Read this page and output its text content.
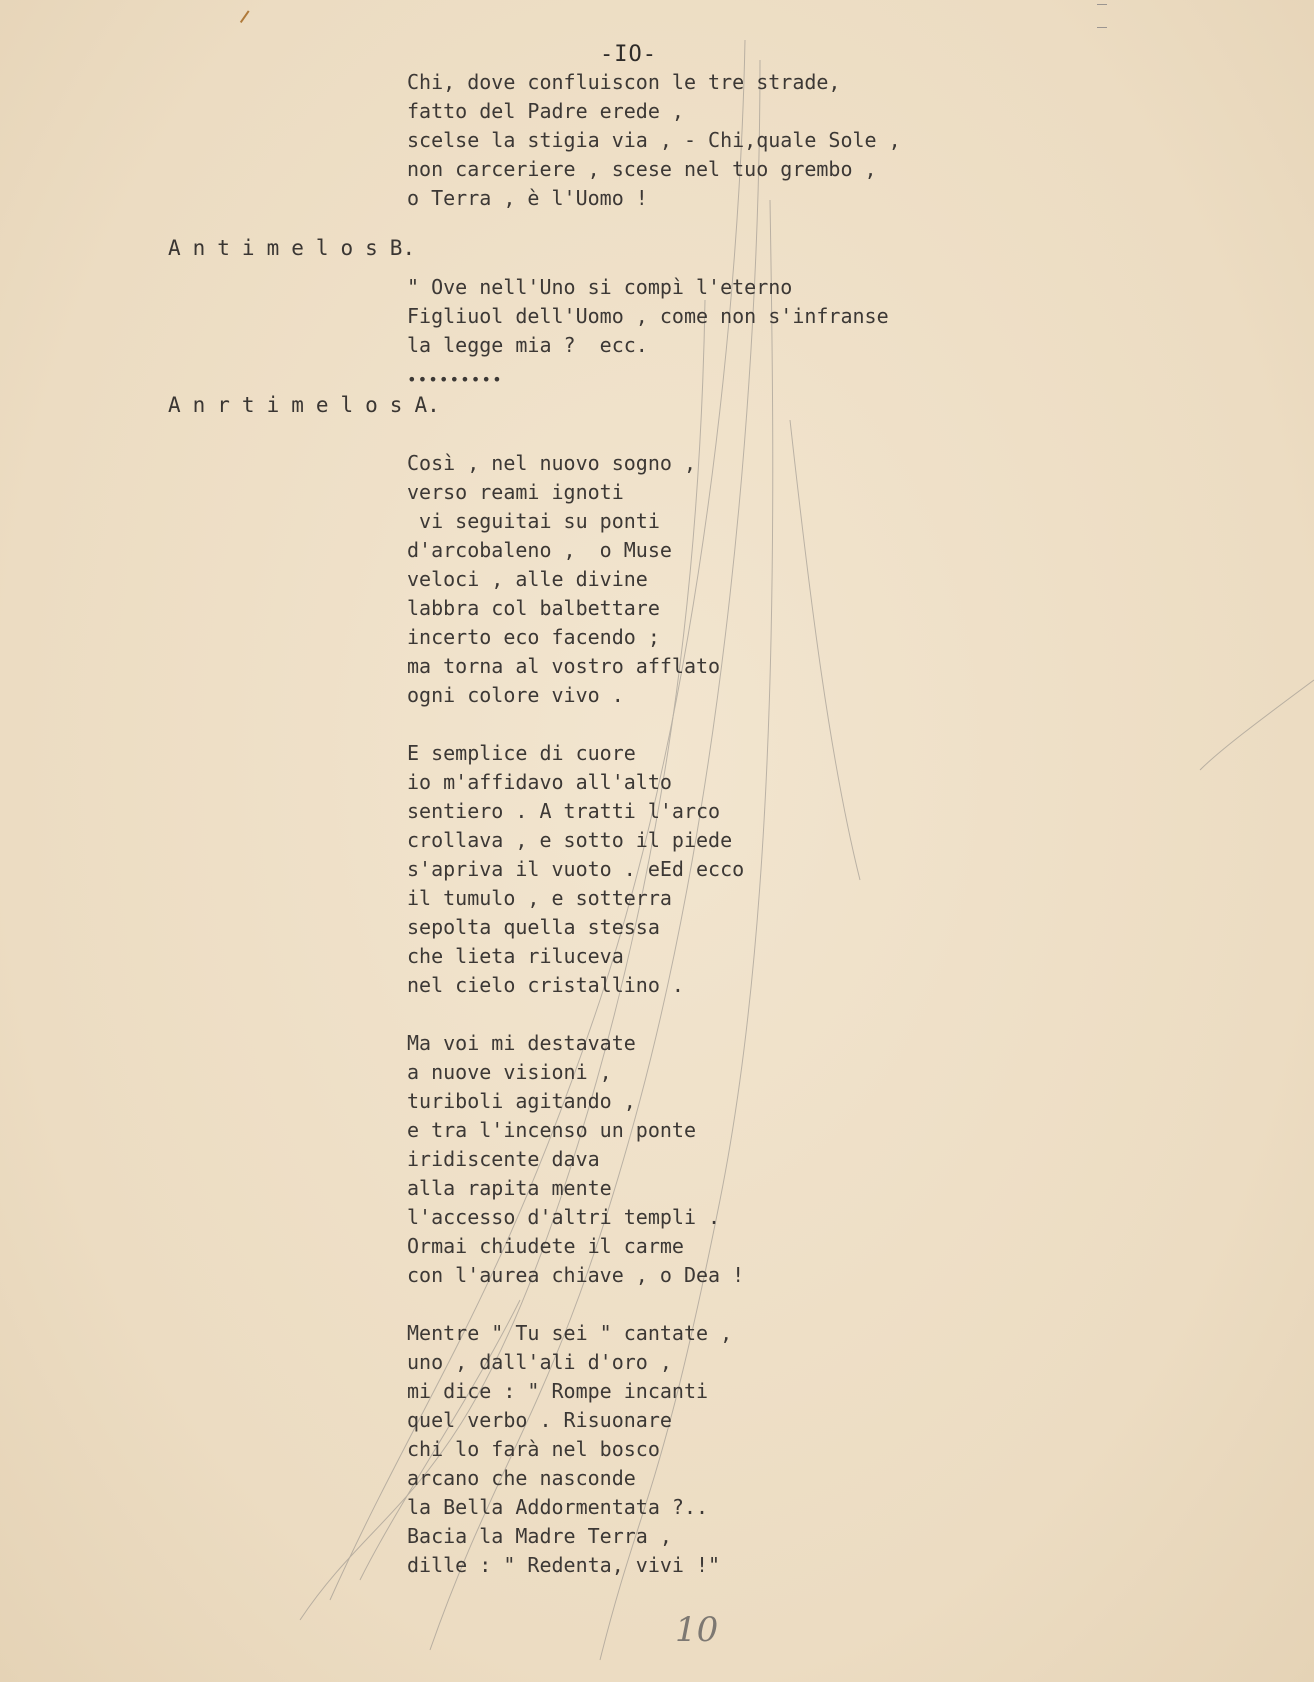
-IO-
Chi, dove confluiscon le tre strade,
fatto del Padre erede ,
scelse la stigia via , - Chi,quale Sole ,
non carceriere , scese nel tuo grembo ,
o Terra , è l'Uomo !
AntimelosB.
" Ove nell'Uno si compì l'eterno
Figliuol dell'Uomo , come non s'infranse
la legge mia ?  ecc.
•••••••••
AnrtimelosA.
Così , nel nuovo sogno ,
verso reami ignoti
vi seguitai su ponti
d'arcobaleno ,  o Muse
veloci , alle divine
labbra col balbettare
incerto eco facendo ;
ma torna al vostro afflato
ogni colore vivo .
E semplice di cuore
io m'affidavo all'alto
sentiero . A tratti l'arco
crollava , e sotto il piede
s'apriva il vuoto . eEd ecco
il tumulo , e sotterra
sepolta quella stessa
che lieta riluceva
nel cielo cristallino .
Ma voi mi destavate
a nuove visioni ,
turiboli agitando ,
e tra l'incenso un ponte
iridiscente dava
alla rapita mente
l'accesso d'altri templi .
Ormai chiudete il carme
con l'aurea chiave , o Dea !
Mentre " Tu sei " cantate ,
uno , dall'ali d'oro ,
mi dice : " Rompe incanti
quel verbo . Risuonare
chi lo farà nel bosco
arcano che nasconde
la Bella Addormentata ?..
Bacia la Madre Terra ,
dille : " Redenta, vivi !"
10
